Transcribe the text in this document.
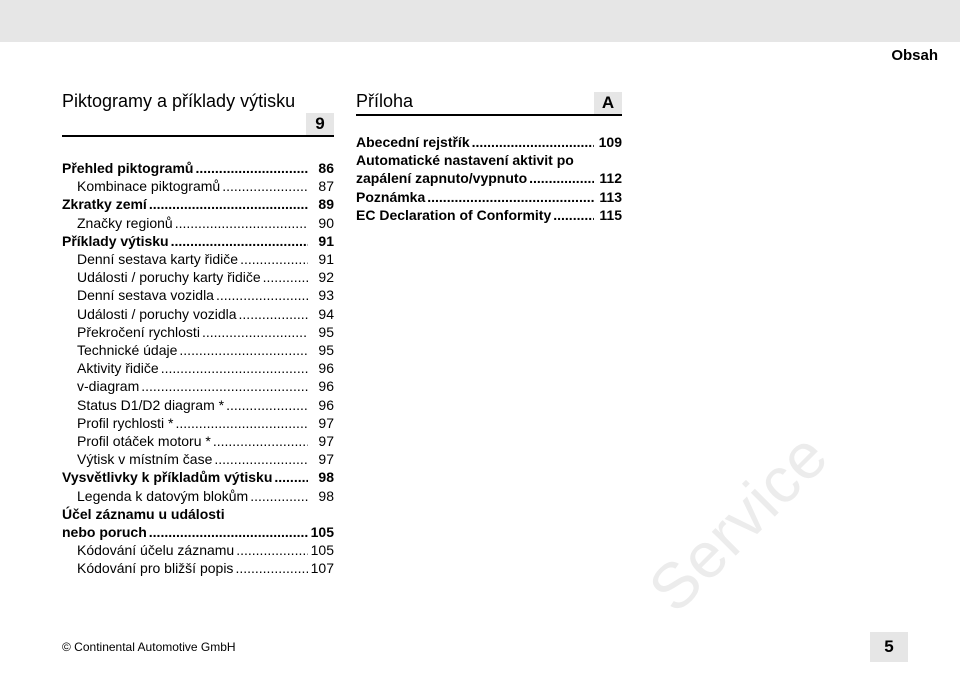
Obsah
Piktogramy a příklady výtisku
9
Přehled piktogramů .....	86
Kombinace piktogramů .....	87
Zkratky zemí .....	89
Značky regionů .....	90
Příklady výtisku .....	91
Denní sestava karty řidiče .....	91
Události / poruchy karty řidiče .....	92
Denní sestava vozidla .....	93
Události / poruchy vozidla .....	94
Překročení rychlosti .....	95
Technické údaje .....	95
Aktivity řidiče .....	96
v-diagram .....	96
Status D1/D2 diagram * .....	96
Profil rychlosti * .....	97
Profil otáček motoru * .....	97
Výtisk v místním čase .....	97
Vysvětlivky k příkladům výtisku .....	98
Legenda k datovým blokům .....	98
Účel záznamu u události
nebo poruch .....	105
Kódování účelu záznamu .....	105
Kódování pro bližší popis .....	107
Příloha	A
Abecední rejstřík .....	109
Automatické nastavení aktivit po
zapálení zapnuto/vypnuto .....	112
Poznámka .....	113
EC Declaration of Conformity .....	115
Service
© Continental Automotive GmbH	5
